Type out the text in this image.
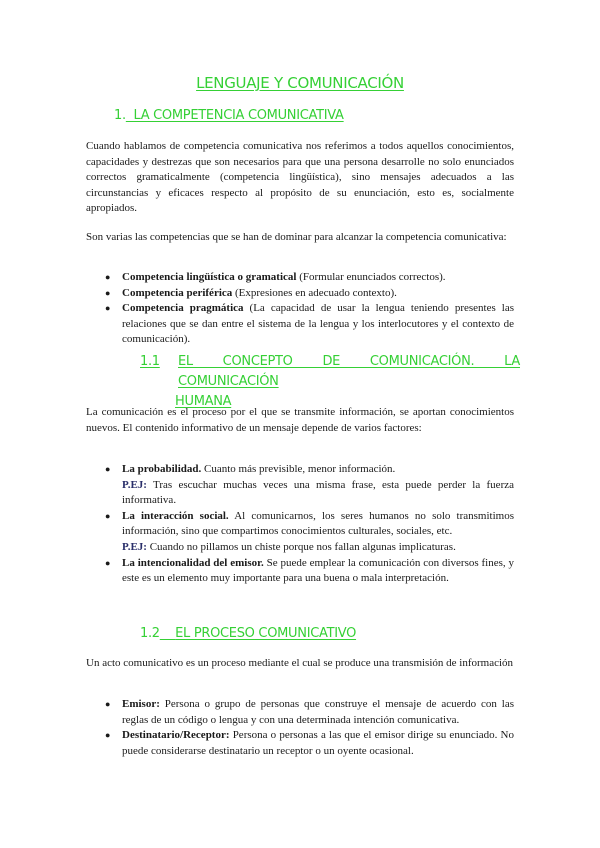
LENGUAJE Y COMUNICACIÓN
1. LA COMPETENCIA COMUNICATIVA

Cuando hablamos de competencia comunicativa nos referimos a todos aquellos conocimientos, capacidades y destrezas que son necesarios para que una persona desarrolle no solo enunciados correctos gramaticalmente (competencia lingüística), sino mensajes adecuados a las circunstancias y eficaces respecto al propósito de su enunciación, esto es, socialmente apropiados.

Son varias las competencias que se han de dominar para alcanzar la competencia comunicativa:

● Competencia lingüística o gramatical (Formular enunciados correctos).
● Competencia periférica (Expresiones en adecuado contexto).
● Competencia pragmática (La capacidad de usar la lengua teniendo presentes las relaciones que se dan entre el sistema de la lengua y los interlocutores y el contexto de comunicación).
1.1	EL CONCEPTO DE COMUNICACIÓN. LA COMUNICACIÓN
HUMANA

La comunicación es el proceso por el que se transmite información, se aportan conocimientos nuevos. El contenido informativo de un mensaje depende de varios factores:

● La probabilidad. Cuanto más previsible, menor información.
P.EJ: Tras escuchar muchas veces una misma frase, esta puede perder la fuerza informativa.
● La interacción social. Al comunicarnos, los seres humanos no solo transmitimos información, sino que compartimos conocimientos culturales, sociales, etc.
P.EJ: Cuando no pillamos un chiste porque nos fallan algunas implicaturas.
● La intencionalidad del emisor. Se puede emplear la comunicación con diversos fines, y este es un elemento muy importante para una buena o mala interpretación.
1.2 EL PROCESO COMUNICATIVO

Un acto comunicativo es un proceso mediante el cual se produce una transmisión de información

● Emisor: Persona o grupo de personas que construye el mensaje de acuerdo con las reglas de un código o lengua y con una determinada intención comunicativa.
● Destinatario/Receptor: Persona o personas a las que el emisor dirige su enunciado. No puede considerarse destinatario un receptor o un oyente ocasional.
